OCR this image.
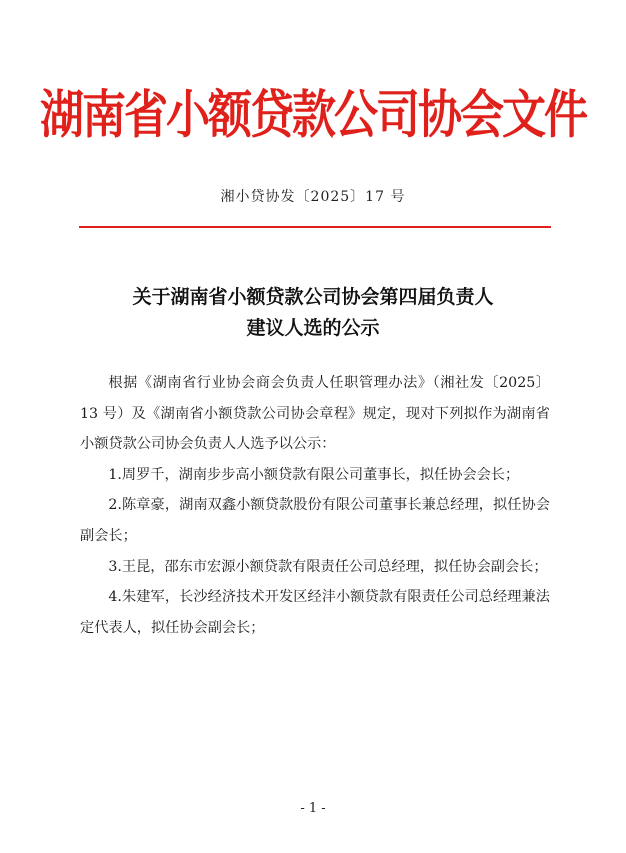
湖南省小额贷款公司协会文件
湘小贷协发〔2025〕17 号
关于湖南省小额贷款公司协会第四届负责人
建议人选的公示

根据《湖南省行业协会商会负责人任职管理办法》（湘社发〔2025〕13 号）及《湖南省小额贷款公司协会章程》规定，现对下列拟作为湖南省小额贷款公司协会负责人人选予以公示：

1.周罗千，湖南步步高小额贷款有限公司董事长，拟任协会会长；

2.陈章豪，湖南双鑫小额贷款股份有限公司董事长兼总经理，拟任协会副会长；

3.王昆，邵东市宏源小额贷款有限责任公司总经理，拟任协会副会长；

4.朱建军，长沙经济技术开发区经沣小额贷款有限责任公司总经理兼法定代表人，拟任协会副会长；

- 1 -
